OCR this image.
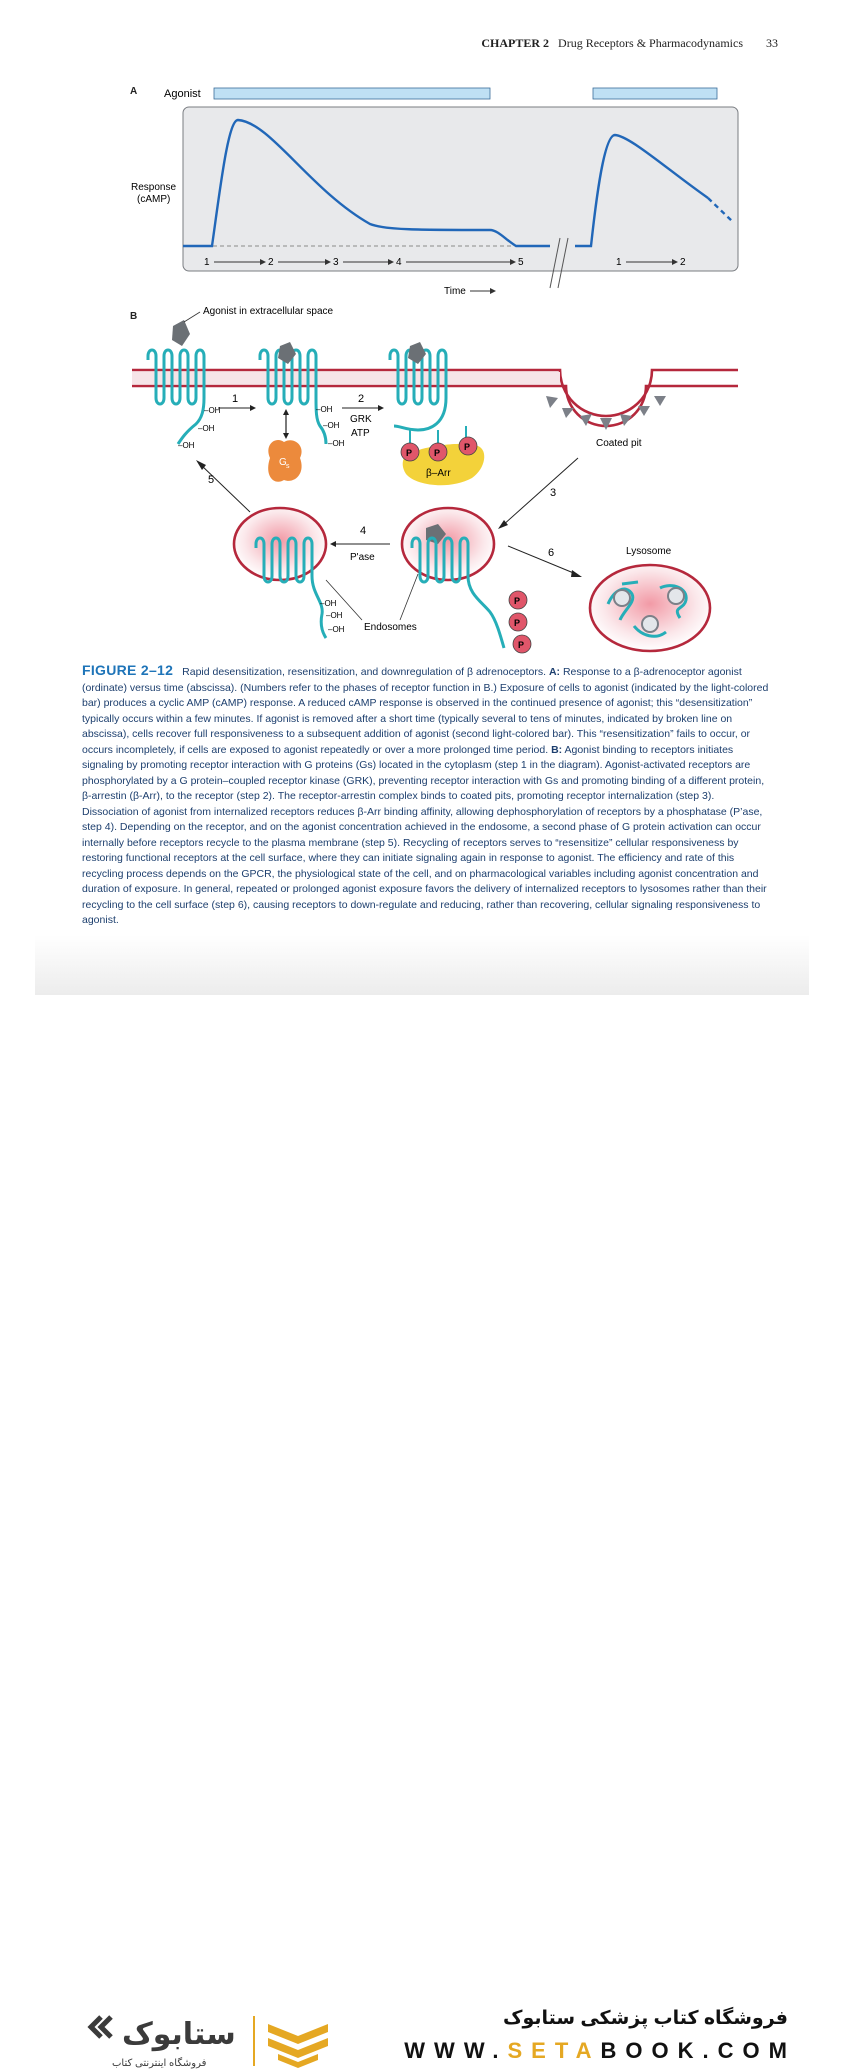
CHAPTER 2 Drug Receptors & Pharmacodynamics 33
A Agonist
Response
(cAMP)
1	2	3	4	5	1	2
Time
B	Agonist in extracellular space
–OH
–OH
–OH
1
–OH
–OH
–OH
G s
2
GRK
ATP
β–Arr
P P
P	Coated pit
3
P
P
P
4
P'ase
–OH
–OH
–OH Endosomes
5
6	Lysosome
FIGURE 2–12 Rapid desensitization, resensitization, and downregulation of β adrenoceptors. A: Response to a β-adrenoceptor agonist (ordinate) versus time (abscissa). (Numbers refer to the phases of receptor function in B.) Exposure of cells to agonist (indicated by the light-colored bar) produces a cyclic AMP (cAMP) response. A reduced cAMP response is observed in the continued presence of agonist; this “desensitization” typically occurs within a few minutes. If agonist is removed after a short time (typically several to tens of minutes, indicated by broken line on abscissa), cells recover full responsiveness to a subsequent addition of agonist (second light-colored bar). This “resensitization” fails to occur, or occurs incompletely, if cells are exposed to agonist repeatedly or over a more prolonged time period. B: Agonist binding to receptors initiates signaling by promoting receptor interaction with G proteins (Gs) located in the cytoplasm (step 1 in the diagram). Agonist-activated receptors are phosphorylated by a G protein–coupled receptor kinase (GRK), preventing receptor interaction with Gs and promoting binding of a different protein, β-arrestin (β-Arr), to the receptor (step 2). The receptor-arrestin complex binds to coated pits, promoting receptor internalization (step 3). Dissociation of agonist from internalized receptors reduces β-Arr binding affinity, allowing dephosphorylation of receptors by a phosphatase (P’ase, step 4). Depending on the receptor, and on the agonist concentration achieved in the endosome, a second phase of G protein activation can occur internally before receptors recycle to the plasma membrane (step 5). Recycling of receptors serves to “resensitize” cellular responsiveness by restoring functional receptors at the cell surface, where they can initiate signaling again in response to agonist. The efficiency and rate of this recycling process depends on the GPCR, the physiological state of the cell, and on pharmacological variables including agonist concentration and duration of exposure. In general, repeated or prolonged agonist exposure favors the delivery of internalized receptors to lysosomes rather than their recycling to the cell surface (step 6), causing receptors to down-regulate and reducing, rather than recovering, cellular signaling responsiveness to agonist.
ستابوک
فروشگاه اینترنتی کتاب
فروشگاه کتاب پزشکی ستابوک
WWW.SETABOOK.COM
